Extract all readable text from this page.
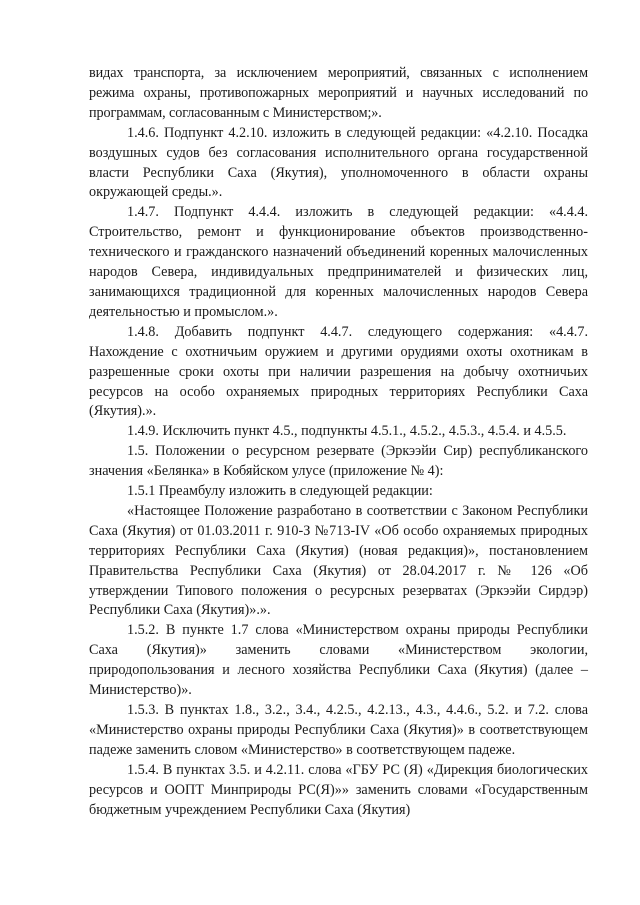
видах транспорта, за исключением мероприятий, связанных с исполнением режима охраны, противопожарных мероприятий и научных исследований по программам, согласованным с Министерством;».

1.4.6. Подпункт 4.2.10. изложить в следующей редакции: «4.2.10. Посадка воздушных судов без согласования исполнительного органа государственной власти Республики Саха (Якутия), уполномоченного в области охраны окружающей среды.».

1.4.7. Подпункт 4.4.4. изложить в следующей редакции: «4.4.4. Строительство, ремонт и функционирование объектов производственно-технического и гражданского назначений объединений коренных малочисленных народов Севера, индивидуальных предпринимателей и физических лиц, занимающихся традиционной для коренных малочисленных народов Севера деятельностью и промыслом.».

1.4.8. Добавить подпункт 4.4.7. следующего содержания: «4.4.7. Нахождение с охотничьим оружием и другими орудиями охоты охотникам в разрешенные сроки охоты при наличии разрешения на добычу охотничьих ресурсов на особо охраняемых природных территориях Республики Саха (Якутия).».

1.4.9. Исключить пункт 4.5., подпункты 4.5.1., 4.5.2., 4.5.3., 4.5.4. и 4.5.5.

1.5. Положении о ресурсном резервате (Эркээйи Сир) республиканского значения «Белянка» в Кобяйском улусе (приложение № 4):

1.5.1 Преамбулу изложить в следующей редакции:

«Настоящее Положение разработано в соответствии с Законом Республики Саха (Якутия) от 01.03.2011 г. 910-З №713-IV «Об особо охраняемых природных территориях Республики Саха (Якутия) (новая редакция)», постановлением Правительства Республики Саха (Якутия) от 28.04.2017 г. № 126 «Об утверждении Типового положения о ресурсных резерватах (Эркээйи Сирдэр) Республики Саха (Якутия)».».

1.5.2. В пункте 1.7 слова «Министерством охраны природы Республики Саха (Якутия)» заменить словами «Министерством экологии, природопользования и лесного хозяйства Республики Саха (Якутия) (далее – Министерство)».

1.5.3. В пунктах 1.8., 3.2., 3.4., 4.2.5., 4.2.13., 4.3., 4.4.6., 5.2. и 7.2. слова «Министерство охраны природы Республики Саха (Якутия)» в соответствующем падеже заменить словом «Министерство» в соответствующем падеже.

1.5.4. В пунктах 3.5. и 4.2.11. слова «ГБУ РС (Я) «Дирекция биологических ресурсов и ООПТ Минприроды РС(Я)»» заменить словами «Государственным бюджетным учреждением Республики Саха (Якутия)
